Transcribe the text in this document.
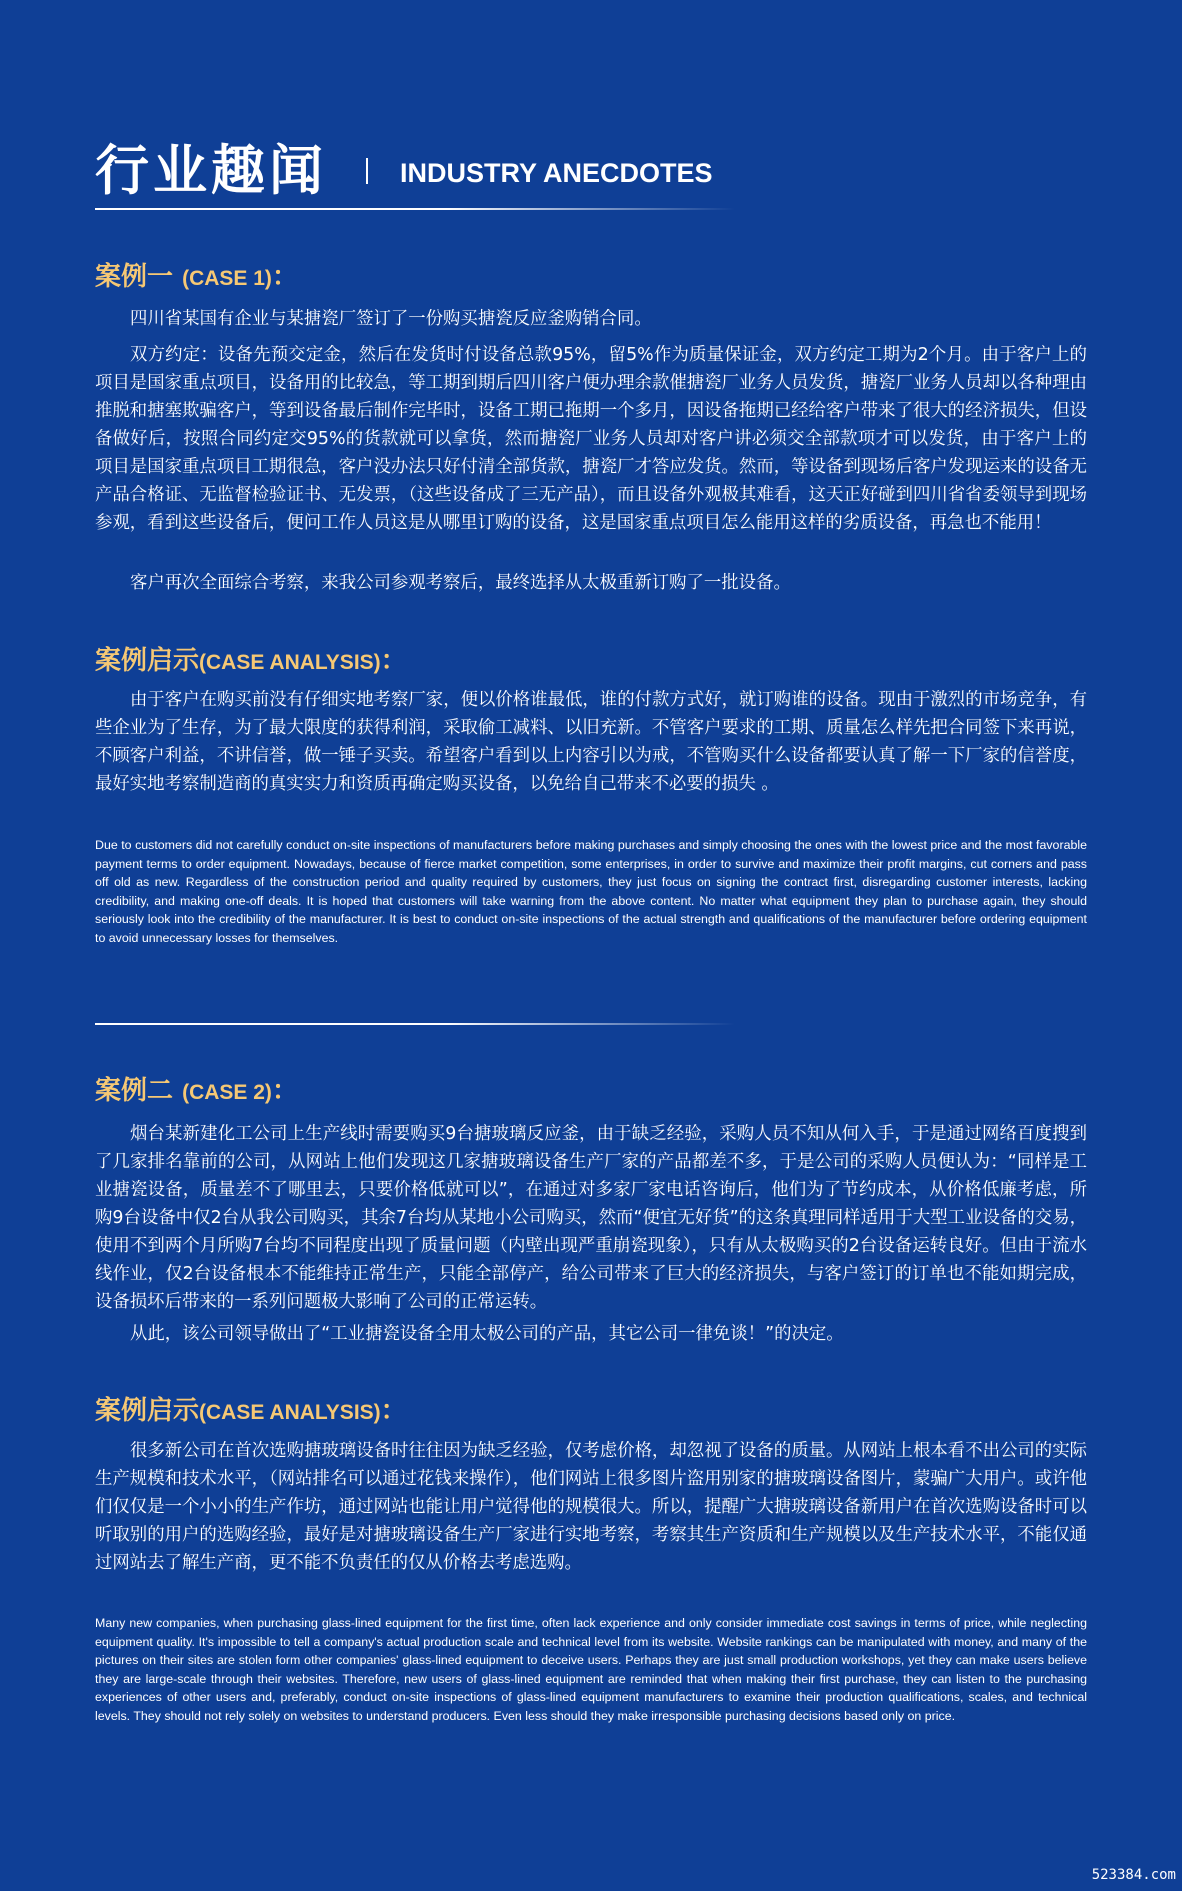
行业趣闻	INDUSTRY ANECDOTES
案例一 (CASE 1)：

四川省某国有企业与某搪瓷厂签订了一份购买搪瓷反应釜购销合同。

双方约定：设备先预交定金，然后在发货时付设备总款95%，留5%作为质量保证金，双方约定工期为2个月。由于客户上的项目是国家重点项目，设备用的比较急，等工期到期后四川客户便办理余款催搪瓷厂业务人员发货，搪瓷厂业务人员却以各种理由推脱和搪塞欺骗客户，等到设备最后制作完毕时，设备工期已拖期一个多月，因设备拖期已经给客户带来了很大的经济损失，但设备做好后，按照合同约定交95%的货款就可以拿货，然而搪瓷厂业务人员却对客户讲必须交全部款项才可以发货，由于客户上的项目是国家重点项目工期很急，客户没办法只好付清全部货款，搪瓷厂才答应发货。然而，等设备到现场后客户发现运来的设备无产品合格证、无监督检验证书、无发票，（这些设备成了三无产品），而且设备外观极其难看，这天正好碰到四川省省委领导到现场参观，看到这些设备后，便问工作人员这是从哪里订购的设备，这是国家重点项目怎么能用这样的劣质设备，再急也不能用！

客户再次全面综合考察，来我公司参观考察后，最终选择从太极重新订购了一批设备。

案例启示(CASE ANALYSIS)：

由于客户在购买前没有仔细实地考察厂家，便以价格谁最低，谁的付款方式好，就订购谁的设备。现由于激烈的市场竞争，有些企业为了生存，为了最大限度的获得利润，采取偷工减料、以旧充新。不管客户要求的工期、质量怎么样先把合同签下来再说，不顾客户利益，不讲信誉，做一锤子买卖。希望客户看到以上内容引以为戒，不管购买什么设备都要认真了解一下厂家的信誉度，最好实地考察制造商的真实实力和资质再确定购买设备，以免给自己带来不必要的损失 。

Due to customers did not carefully conduct on-site inspections of manufacturers before making purchases and simply choosing the ones with the lowest price and the most favorable payment terms to order equipment. Nowadays, because of fierce market competition, some enterprises, in order to survive and maximize their profit margins, cut corners and pass off old as new. Regardless of the construction period and quality required by customers, they just focus on signing the contract first, disregarding customer interests, lacking credibility, and making one-off deals. It is hoped that customers will take warning from the above content. No matter what equipment they plan to purchase again, they should seriously look into the credibility of the manufacturer. It is best to conduct on-site inspections of the actual strength and qualifications of the manufacturer before ordering equipment to avoid unnecessary losses for themselves.

案例二 (CASE 2)：

烟台某新建化工公司上生产线时需要购买9台搪玻璃反应釜，由于缺乏经验，采购人员不知从何入手，于是通过网络百度搜到了几家排名靠前的公司，从网站上他们发现这几家搪玻璃设备生产厂家的产品都差不多，于是公司的采购人员便认为：“同样是工业搪瓷设备，质量差不了哪里去，只要价格低就可以”，在通过对多家厂家电话咨询后，他们为了节约成本，从价格低廉考虑，所购9台设备中仅2台从我公司购买，其余7台均从某地小公司购买，然而“便宜无好货”的这条真理同样适用于大型工业设备的交易，使用不到两个月所购7台均不同程度出现了质量问题（内壁出现严重崩瓷现象），只有从太极购买的2台设备运转良好。但由于流水线作业，仅2台设备根本不能维持正常生产，只能全部停产，给公司带来了巨大的经济损失，与客户签订的订单也不能如期完成，设备损坏后带来的一系列问题极大影响了公司的正常运转。

从此，该公司领导做出了“工业搪瓷设备全用太极公司的产品，其它公司一律免谈！”的决定。

案例启示(CASE ANALYSIS)：

很多新公司在首次选购搪玻璃设备时往往因为缺乏经验，仅考虑价格，却忽视了设备的质量。从网站上根本看不出公司的实际生产规模和技术水平，（网站排名可以通过花钱来操作），他们网站上很多图片盗用别家的搪玻璃设备图片，蒙骗广大用户。或许他们仅仅是一个小小的生产作坊，通过网站也能让用户觉得他的规模很大。所以，提醒广大搪玻璃设备新用户在首次选购设备时可以听取别的用户的选购经验，最好是对搪玻璃设备生产厂家进行实地考察，考察其生产资质和生产规模以及生产技术水平，不能仅通过网站去了解生产商，更不能不负责任的仅从价格去考虑选购。

Many new companies, when purchasing glass-lined equipment for the first time, often lack experience and only consider immediate cost savings in terms of price, while neglecting equipment quality. It's impossible to tell a company's actual production scale and technical level from its website. Website rankings can be manipulated with money, and many of the pictures on their sites are stolen form other companies' glass-lined equipment to deceive users. Perhaps they are just small production workshops, yet they can make users believe they are large-scale through their websites. Therefore, new users of glass-lined equipment are reminded that when making their first purchase, they can listen to the purchasing experiences of other users and, preferably, conduct on-site inspections of glass-lined equipment manufacturers to examine their production qualifications, scales, and technical levels. They should not rely solely on websites to understand producers. Even less should they make irresponsible purchasing decisions based only on price.

523384.com
